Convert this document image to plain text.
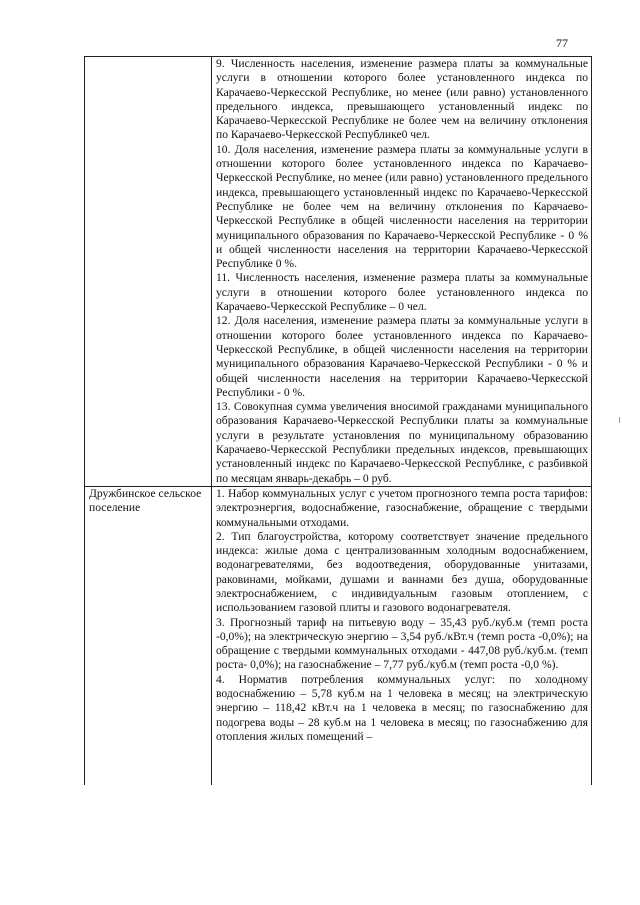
77

	9. Численность населения, изменение размера платы за коммунальные услуги в отношении которого более установленного индекса по Карачаево-Черкесской Республике, но менее (или равно) установленного предельного индекса, превышающего установленный индекс по Карачаево-Черкесской Республике не более чем на величину отклонения по Карачаево-Черкесской Республике0 чел.

10. Доля населения, изменение размера платы за коммунальные услуги в отношении которого более установленного индекса по Карачаево-Черкесской Республике, но менее (или равно) установленного предельного индекса, превышающего установленный индекс по Карачаево-Черкесской Республике не более чем на величину отклонения по Карачаево-Черкесской Республике в общей численности населения на территории муниципального образования по Карачаево-Черкесской Республике - 0 % и общей численности населения на территории Карачаево-Черкесской Республике 0 %.

11. Численность населения, изменение размера платы за коммунальные услуги в отношении которого более установленного индекса по Карачаево-Черкесской Республике – 0 чел.

12. Доля населения, изменение размера платы за коммунальные услуги в отношении которого более установленного индекса по Карачаево-Черкесской Республике, в общей численности населения на территории муниципального образования Карачаево-Черкесской Республики - 0 % и общей численности населения на территории Карачаево-Черкесской Республики - 0 %.

13. Совокупная сумма увеличения вносимой гражданами муниципального образования Карачаево-Черкесской Республики платы за коммунальные услуги в результате установления по муниципальному образованию Карачаево-Черкесской Республики предельных индексов, превышающих установленный индекс по Карачаево-Черкесской Республике, с разбивкой по месяцам январь-декабрь – 0 руб.

Дружбинское сельское поселение	1. Набор коммунальных услуг с учетом прогнозного темпа роста тарифов: электроэнергия, водоснабжение, газоснабжение, обращение с твердыми коммунальными отходами.

2. Тип благоустройства, которому соответствует значение предельного индекса: жилые дома с централизованным холодным водоснабжением, водонагревателями, без водоотведения, оборудованные унитазами, раковинами, мойками, душами и ваннами без душа, оборудованные электроснабжением, с индивидуальным газовым отоплением, с использованием газовой плиты и газового водонагревателя.

3. Прогнозный тариф на питьевую воду – 35,43 руб./куб.м (темп роста -0,0%); на электрическую энергию – 3,54 руб./кВт.ч (темп роста -0,0%); на обращение с твердыми коммунальных отходами - 447,08 руб./куб.м. (темп роста- 0,0%); на газоснабжение – 7,77 руб./куб.м (темп роста -0,0 %).

4. Норматив потребления коммунальных услуг: по холодному водоснабжению – 5,78 куб.м на 1 человека в месяц; на электрическую энергию – 118,42 кВт.ч на 1 человека в месяц; по газоснабжению для подогрева воды – 28 куб.м на 1 человека в месяц; по газоснабжению для отопления жилых помещений –
